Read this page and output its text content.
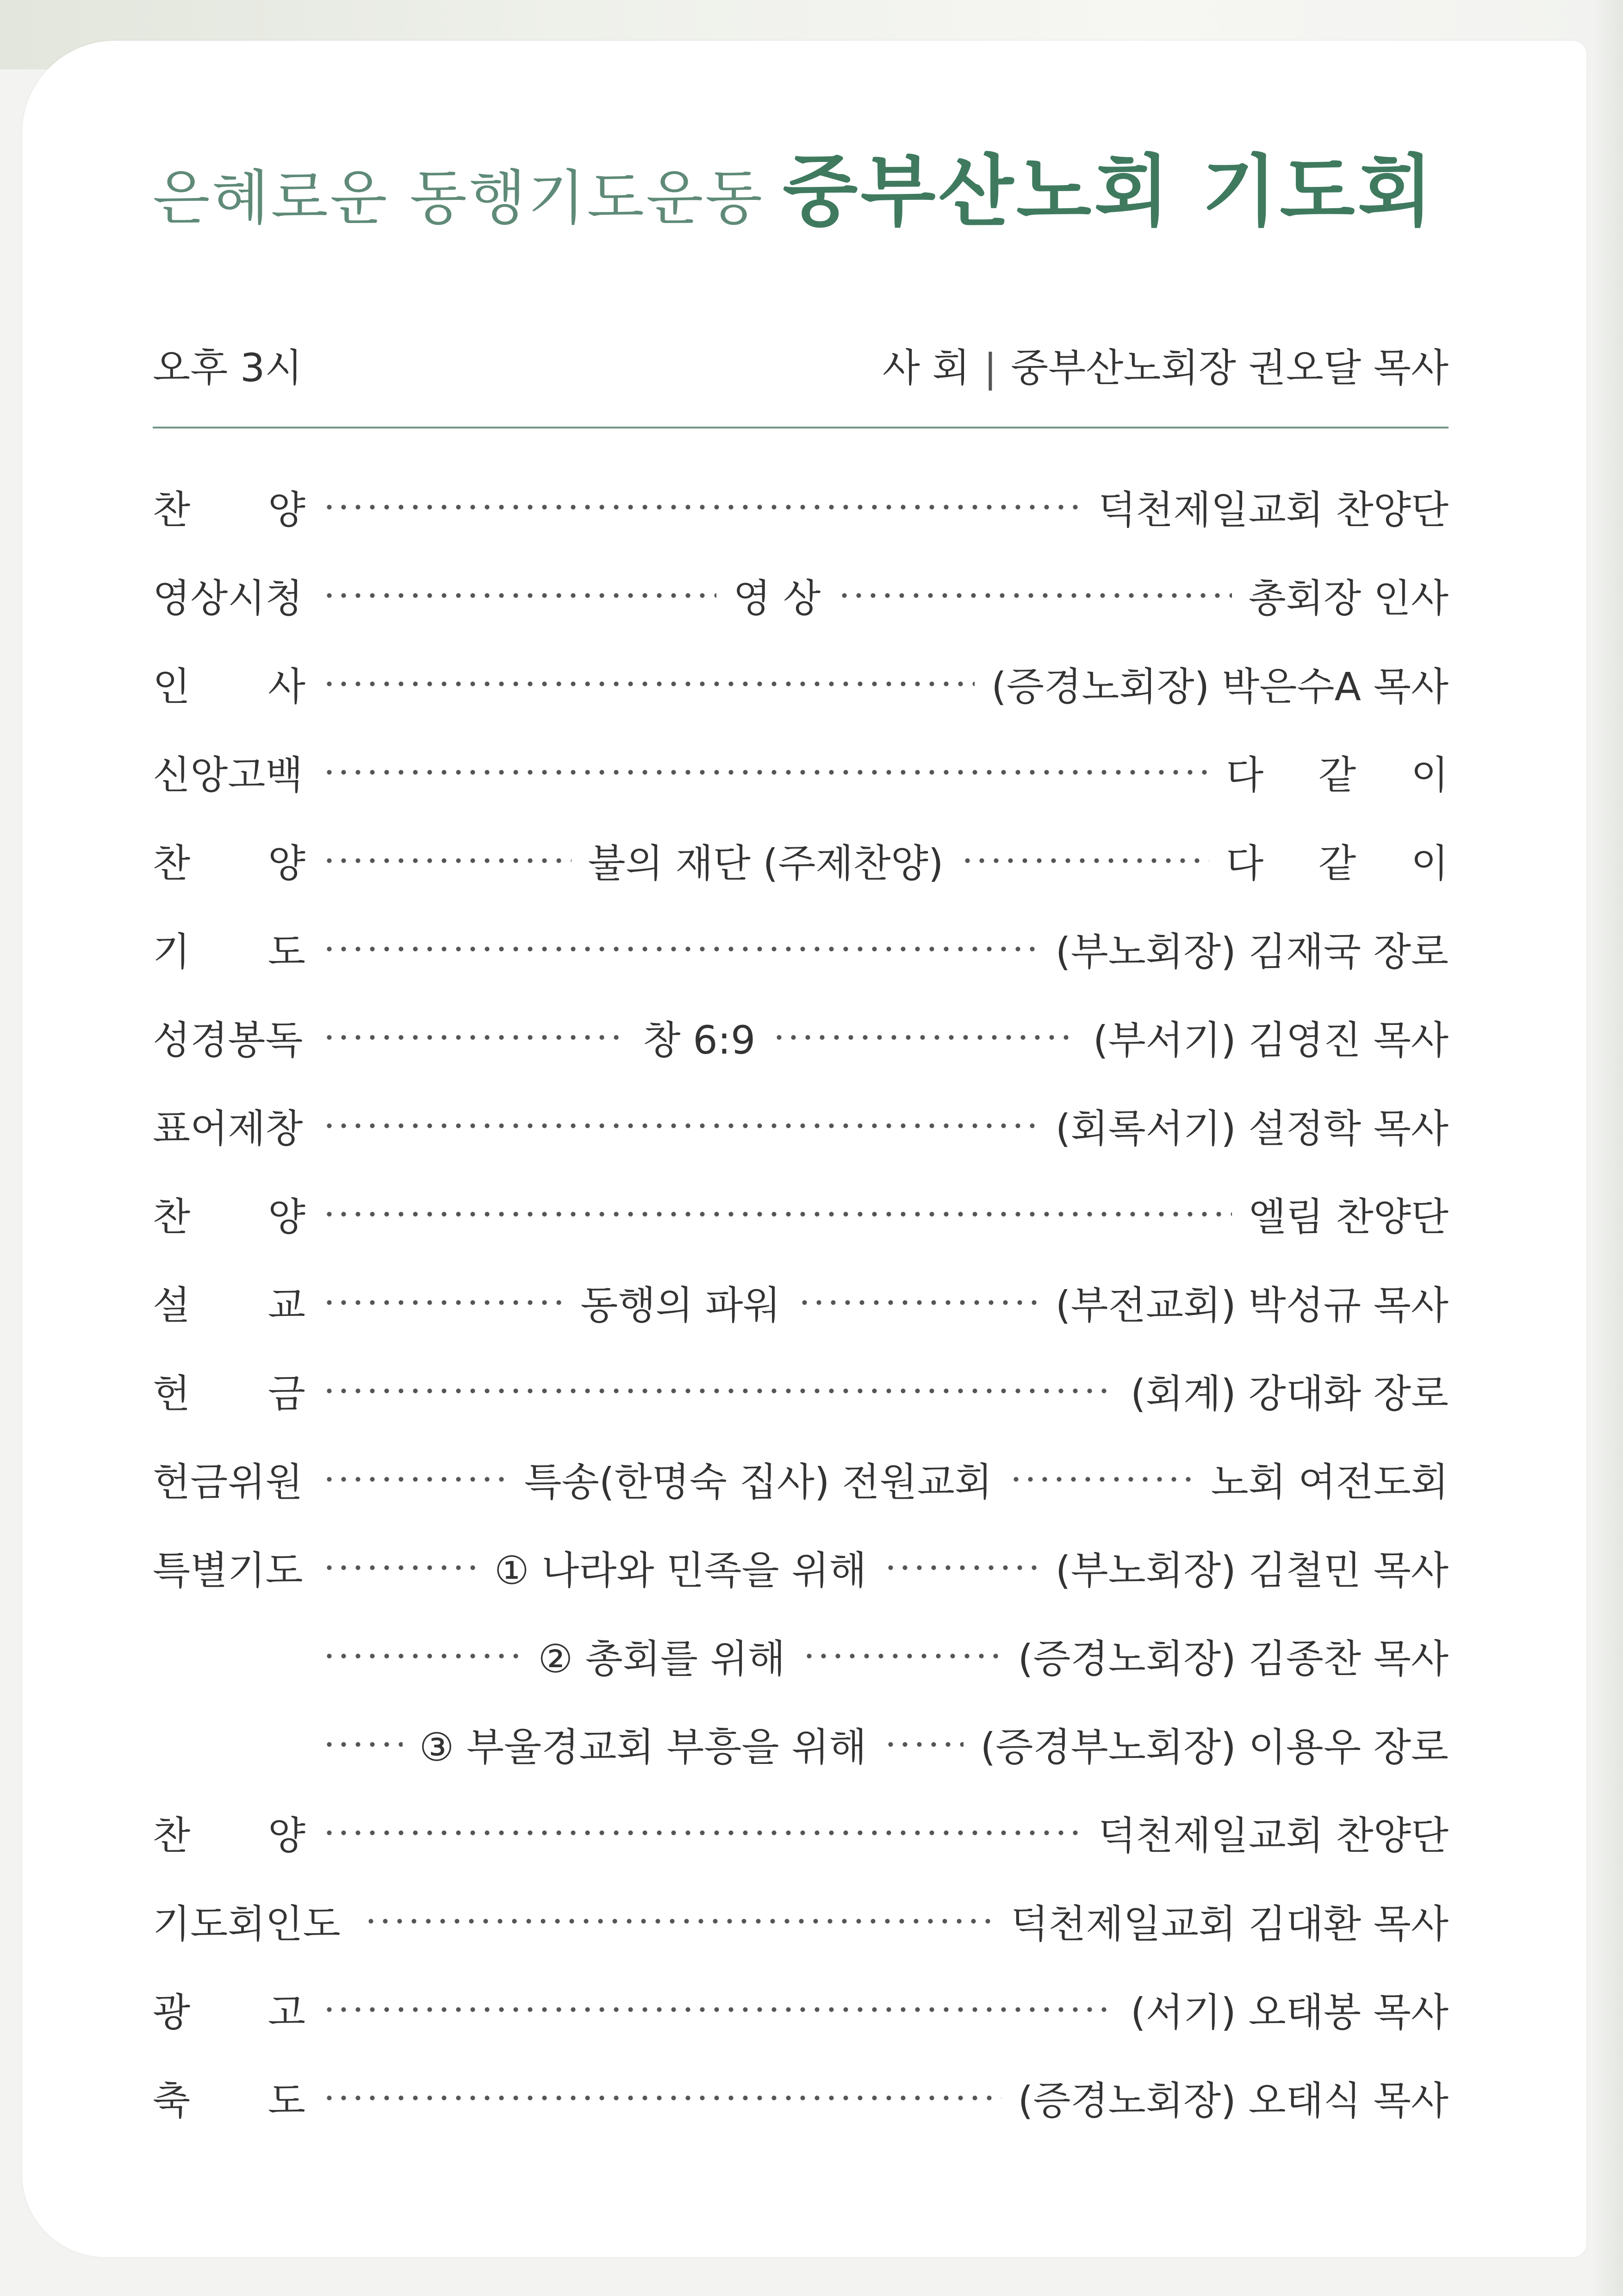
은혜로운 동행기도운동 중부산노회 기도회
오후 3시	사 회 | 중부산노회장 권오달 목사
찬 양	덕천제일교회 찬양단
영상시청	영 상	총회장 인사
인 사	(증경노회장) 박은수A 목사
신앙고백	다 같 이
찬 양	불의 재단 (주제찬양)	다 같 이
기 도	(부노회장) 김재국 장로
성경봉독	창 6:9	(부서기) 김영진 목사
표어제창	(회록서기) 설정학 목사
찬 양	엘림 찬양단
설 교	동행의 파워	(부전교회) 박성규 목사
헌 금	(회계) 강대화 장로
헌금위원	특송(한명숙 집사) 전원교회	노회 여전도회
특별기도	① 나라와 민족을 위해	(부노회장) 김철민 목사
② 총회를 위해	(증경노회장) 김종찬 목사
③ 부울경교회 부흥을 위해	(증경부노회장) 이용우 장로
찬 양	덕천제일교회 찬양단
기도회인도	덕천제일교회 김대환 목사
광 고	(서기) 오태봉 목사
축 도	(증경노회장) 오태식 목사
